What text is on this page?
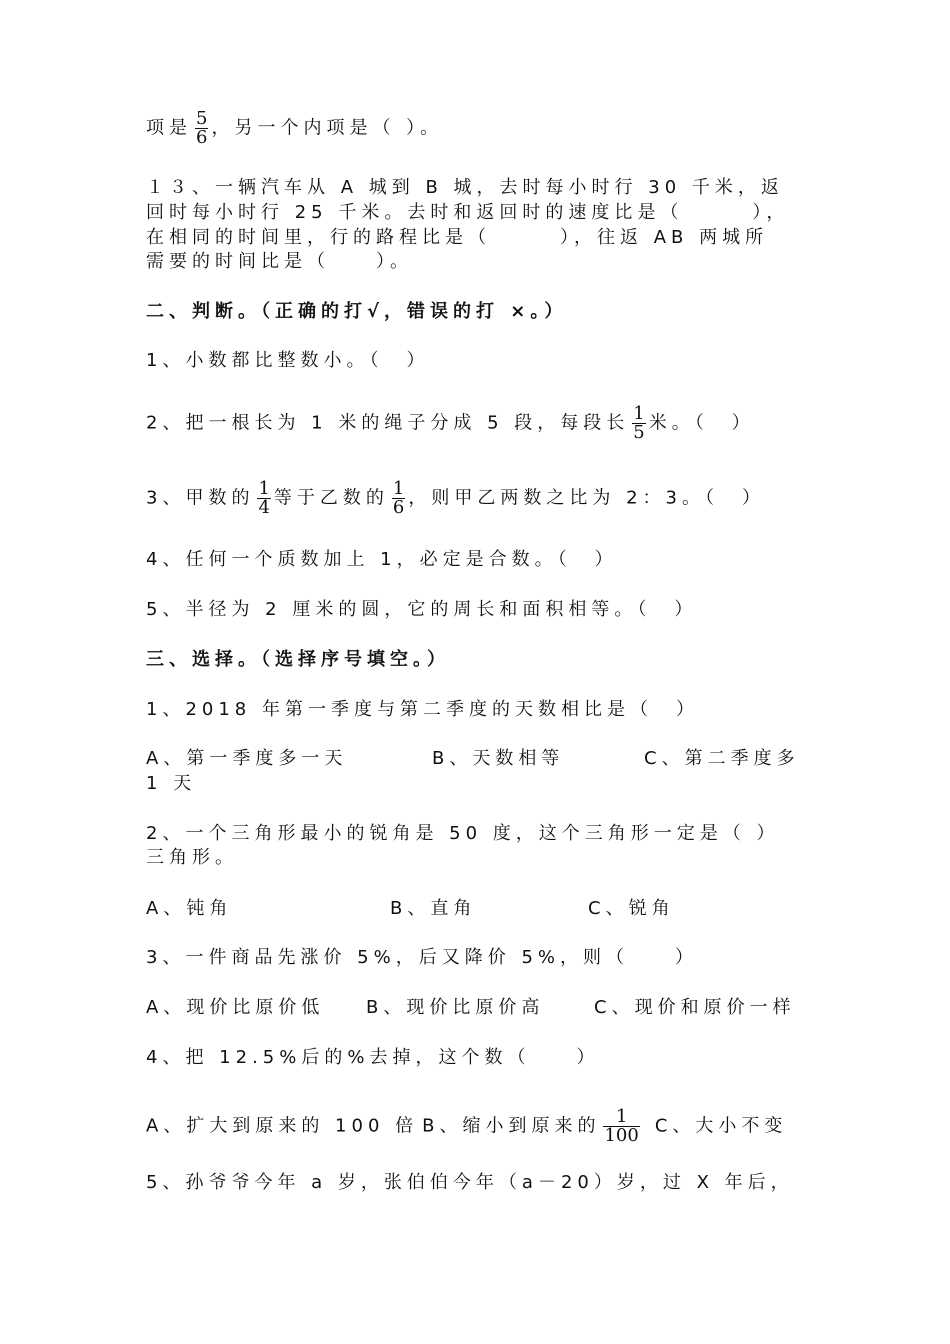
项是 $\frac{5}{6}$ ，另一个内项是（ ）。
１３、一辆汽车从 A 城到 B 城，去时每小时行 30 千米，返
回时每小时行 25 千米。去时和返回时的速度比是（　　　），
在相同的时间里，行的路程比是（　　　），往返 AB 两城所
需要的时间比是（　　）。
二、判断。（正确的打√，错误的打 ×。）
1、小数都比整数小。（　）
2、把一根长为 1 米的绳子分成 5 段，每段长 $\frac{1}{5}$ 米。（　）
3、甲数的 $\frac{1}{4}$ 等于乙数的 $\frac{1}{6}$ ，则甲乙两数之比为 2：3。（　）
4、任何一个质数加上 1，必定是合数。（　）
5、半径为 2 厘米的圆，它的周长和面积相等。（　）
三、选择。（选择序号填空。）
1、2018 年第一季度与第二季度的天数相比是（　）
A、第一季度多一天	B、天数相等	C、第二季度多
1 天
2、一个三角形最小的锐角是 50 度，这个三角形一定是（ ）
三角形。
A、钝角	B、直角	C、锐角
3、一件商品先涨价 5%，后又降价 5%，则（　　）
A、现价比原价低 B、现价比原价高	C、现价和原价一样
4、把 12.5%后的%去掉，这个数（　　）
A、扩大到原来的 100 倍 B、缩小到原来的 $\frac{1}{100}$ C、大小不变
5、孙爷爷今年 a 岁，张伯伯今年（a－20）岁，过 X 年后，
